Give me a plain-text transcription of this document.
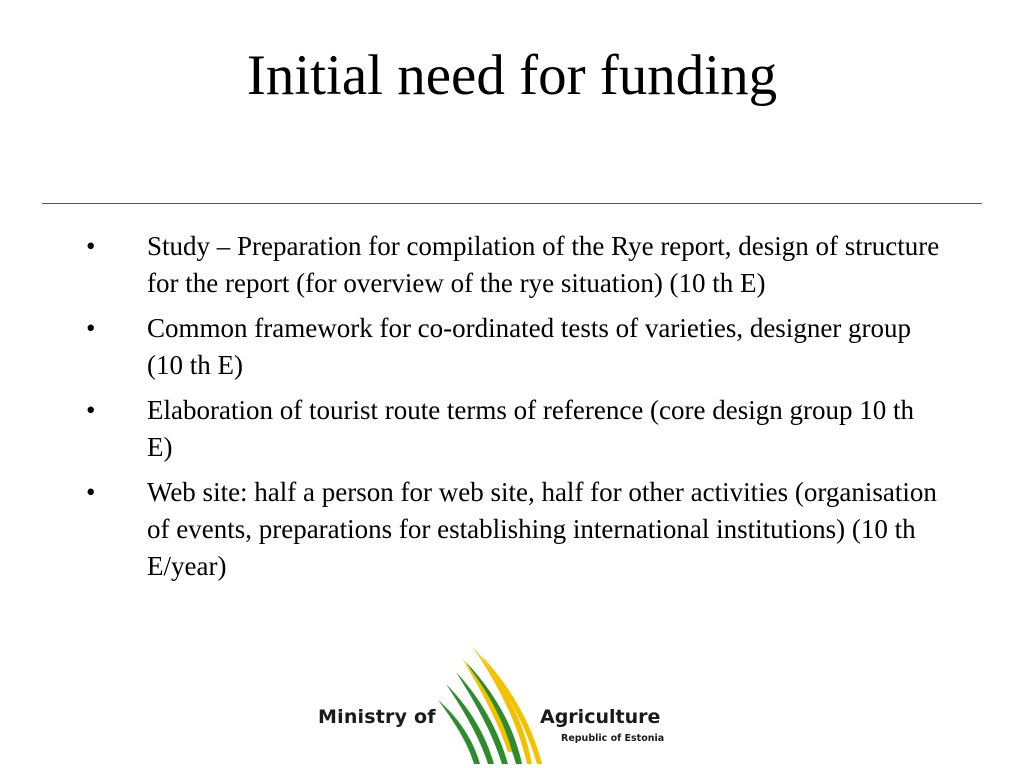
Initial need for funding
• Study – Preparation for compilation of the Rye report, design of structure for the report (for overview of the rye situation) (10 th E)
• Common framework for co-ordinated tests of varieties, designer group (10 th E)
• Elaboration of tourist route terms of reference (core design group 10 th E)
• Web site: half a person for web site, half for other activities (organisation of events, preparations for establishing international institutions) (10 th E/year)
Ministry of	Agriculture
Republic of Estonia
